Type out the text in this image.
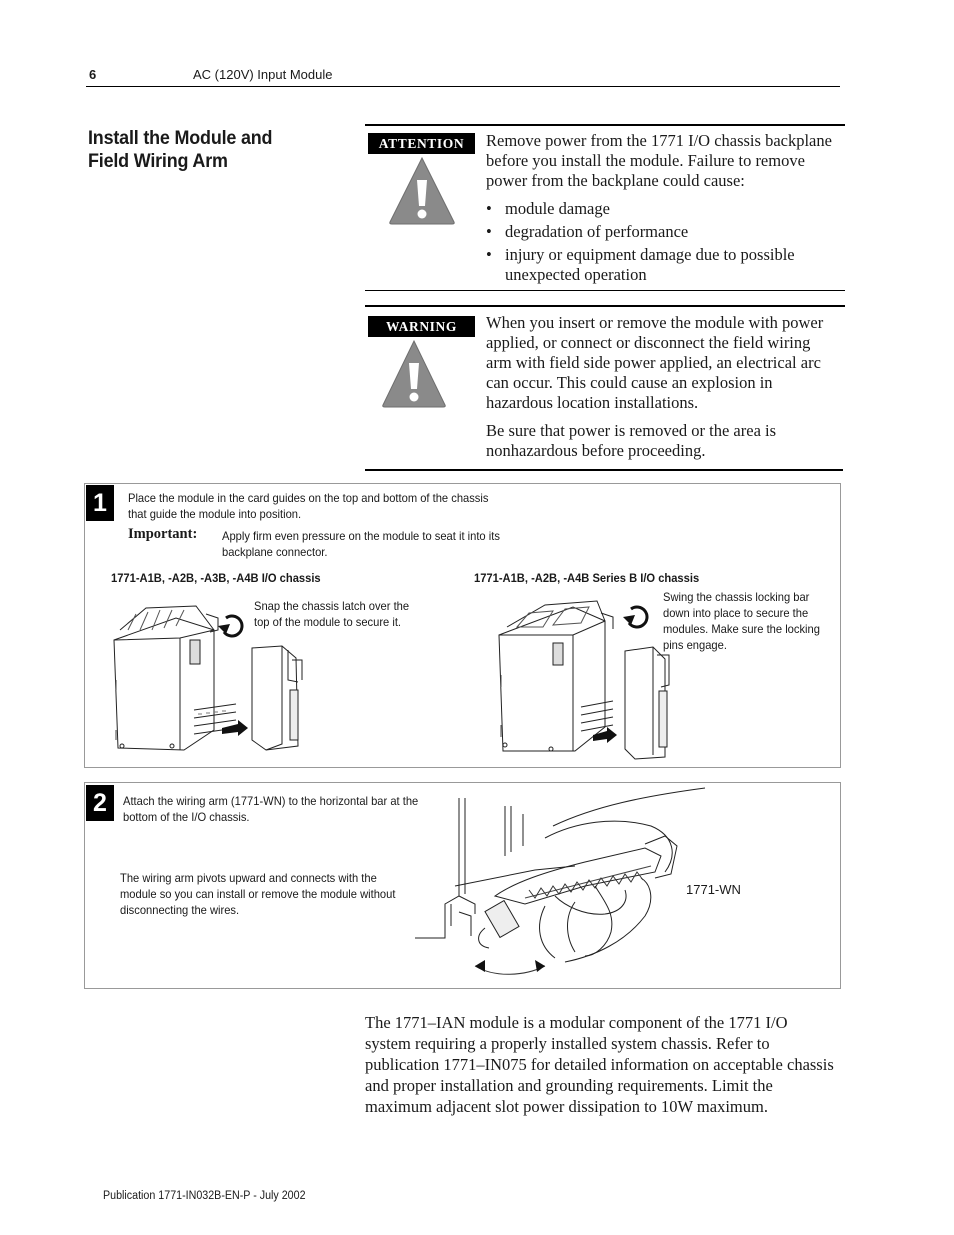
6	AC (120V) Input Module
Install the Module and Field Wiring Arm
ATTENTION	Remove power from the 1771 I/O chassis backplane before you install the module. Failure to remove power from the backplane could cause:

• module damage
• degradation of performance
• injury or equipment damage due to possible unexpected operation
WARNING	When you insert or remove the module with power applied, or connect or disconnect the field wiring arm with field side power applied, an electrical arc can occur. This could cause an explosion in hazardous location installations.

Be sure that power is removed or the area is nonhazardous before proceeding.

1	Place the module in the card guides on the top and bottom of the chassis that guide the module into position.
Important: Apply firm even pressure on the module to seat it into its backplane connector.
1771-A1B, -A2B, -A3B, -A4B I/O chassis
Snap the chassis latch over the top of the module to secure it.
1771-A1B, -A2B, -A4B Series B I/O chassis
Swing the chassis locking bar down into place to secure the modules. Make sure the locking pins engage.
2	Attach the wiring arm (1771-WN) to the horizontal bar at the bottom of the I/O chassis.
The wiring arm pivots upward and connects with the module so you can install or remove the module without disconnecting the wires.
1771-WN
The 1771–IAN module is a modular component of the 1771 I/O system requiring a properly installed system chassis. Refer to publication 1771–IN075 for detailed information on acceptable chassis and proper installation and grounding requirements. Limit the maximum adjacent slot power dissipation to 10W maximum.
Publication 1771-IN032B-EN-P - July 2002
